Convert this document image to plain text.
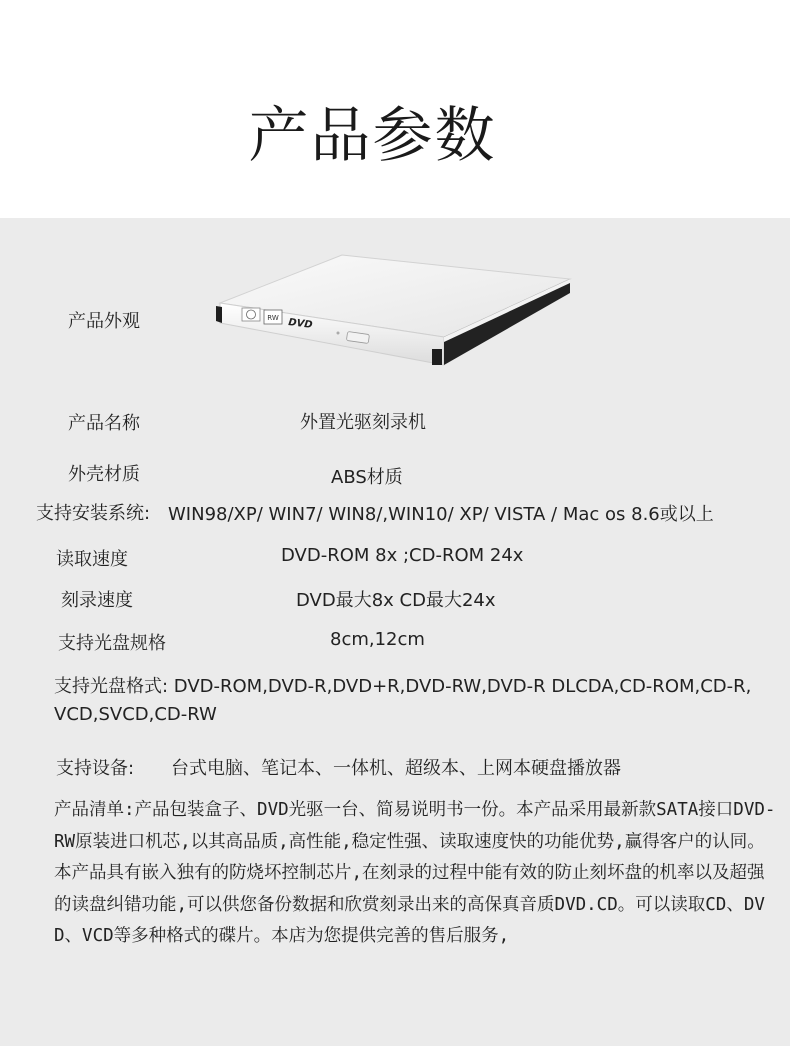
产品参数
产品外观	RW DVD
产品名称	外置光驱刻录机
外壳材质	ABS材质
支持安装系统: WIN98/XP/ WIN7/ WIN8/,WIN10/ XP/ VISTA / Mac os 8.6或以上
读取速度	DVD-ROM 8x ;CD-ROM 24x
刻录速度	DVD最大8x CD最大24x
支持光盘规格	8cm,12cm
支持光盘格式: DVD-ROM,DVD-R,DVD+R,DVD-RW,DVD-R DLCDA,CD-ROM,CD-R,VCD,SVCD,CD-RW
支持设备: 台式电脑、笔记本、一体机、超级本、上网本硬盘播放器
产品清单:产品包装盒子、DVD光驱一台、简易说明书一份。本产品采用最新款SATA接口DVD-RW原装进口机芯,以其高品质,高性能,稳定性强、读取速度快的功能优势,赢得客户的认同。本产品具有嵌入独有的防烧坏控制芯片,在刻录的过程中能有效的防止刻坏盘的机率以及超强的读盘纠错功能,可以供您备份数据和欣赏刻录出来的高保真音质DVD.CD。可以读取CD、DVD、VCD等多种格式的碟片。本店为您提供完善的售后服务,
